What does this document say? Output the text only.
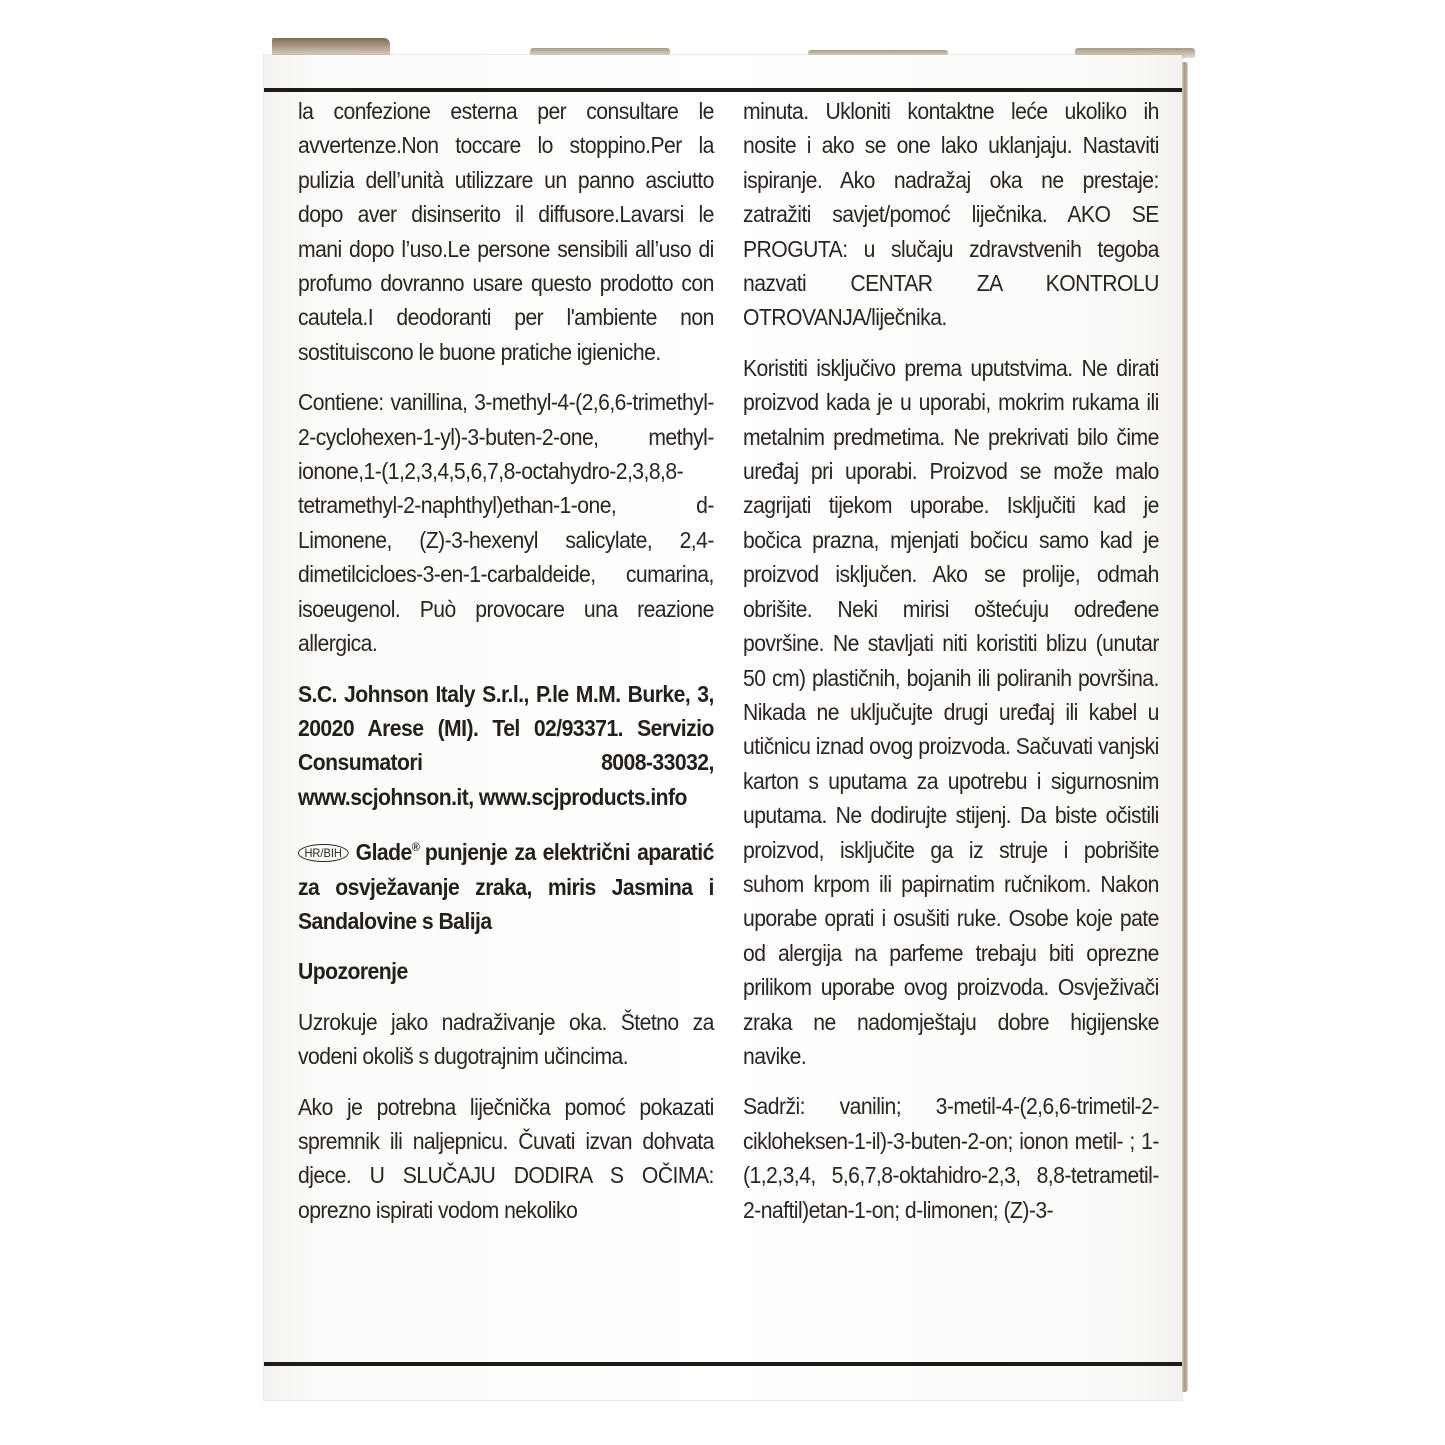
la confezione esterna per consultare le avvertenze.Non toccare lo stoppino.Per la pulizia dell’unità utilizzare un panno asciutto dopo aver disinserito il diffusore.Lavarsi le mani dopo l’uso.Le persone sensibili all’uso di profumo dovranno usare questo prodotto con cautela.I deodoranti per l'ambiente non sostituiscono le buone pratiche igieniche.

Contiene: vanillina, 3-methyl-4-(2,6,6-trimethyl-2-cyclohexen-1-yl)-3-buten-2-one, methyl-ionone,1-(1,2,3,4,5,6,7,8-octahydro-2,3,8,8-tetramethyl-2-naphthyl)ethan-1-one, d-Limonene, (Z)-3-hexenyl salicylate, 2,4-dimetilcicloes-3-en-1-carbaldeide, cumarina, isoeugenol. Può provocare una reazione allergica.

S.C. Johnson Italy S.r.l., P.le M.M. Burke, 3, 20020 Arese (MI). Tel 02/93371. Servizio Consumatori 8008-33032, www.scjohnson.it, www.scjproducts.info

HR/BIH Glade® punjenje za električni aparatić za osvježavanje zraka, miris Jasmina i Sandalovine s Balija

Upozorenje

Uzrokuje jako nadraživanje oka. Štetno za vodeni okoliš s dugotrajnim učincima.

Ako je potrebna liječnička pomoć pokazati spremnik ili naljepnicu. Čuvati izvan dohvata djece. U SLUČAJU DODIRA S OČIMA: oprezno ispirati vodom nekoliko

minuta. Ukloniti kontaktne leće ukoliko ih nosite i ako se one lako uklanjaju. Nastaviti ispiranje. Ako nadražaj oka ne prestaje: zatražiti savjet/pomoć liječnika. AKO SE PROGUTA: u slučaju zdravstvenih tegoba nazvati CENTAR ZA KONTROLU OTROVANJA/liječnika.

Koristiti isključivo prema uputstvima. Ne dirati proizvod kada je u uporabi, mokrim rukama ili metalnim predmetima. Ne prekrivati bilo čime uređaj pri uporabi. Proizvod se može malo zagrijati tijekom uporabe. Isključiti kad je bočica prazna, mjenjati bočicu samo kad je proizvod isključen. Ako se prolije, odmah obrišite. Neki mirisi oštećuju određene površine. Ne stavljati niti koristiti blizu (unutar 50 cm) plastičnih, bojanih ili poliranih površina. Nikada ne uključujte drugi uređaj ili kabel u utičnicu iznad ovog proizvoda. Sačuvati vanjski karton s uputama za upotrebu i sigurnosnim uputama. Ne dodirujte stijenj. Da biste očistili proizvod, isključite ga iz struje i pobrišite suhom krpom ili papirnatim ručnikom. Nakon uporabe oprati i osušiti ruke. Osobe koje pate od alergija na parfeme trebaju biti oprezne prilikom uporabe ovog proizvoda. Osvježivači zraka ne nadomještaju dobre higijenske navike.

Sadrži: vanilin; 3-metil-4-(2,6,6-trimetil-2-cikloheksen-1-il)-3-buten-2-on; ionon metil- ; 1-(1,2,3,4, 5,6,7,8-oktahidro-2,3, 8,8-tetrametil- 2-naftil)etan-1-on; d-limonen; (Z)-3-
